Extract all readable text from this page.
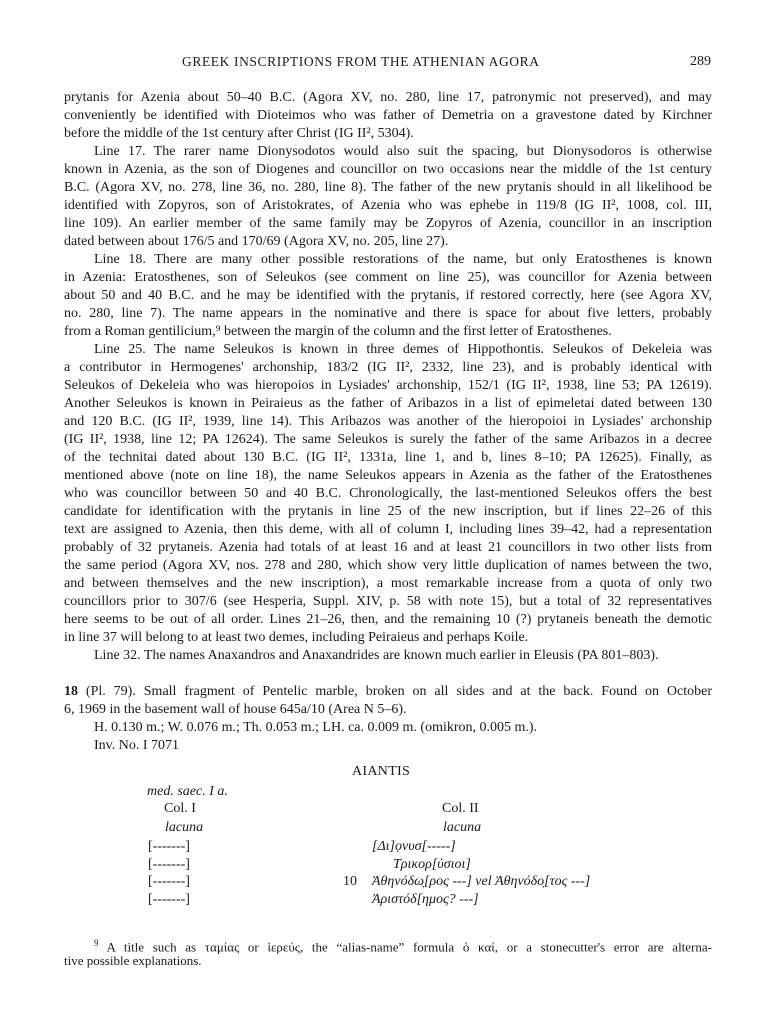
GREEK INSCRIPTIONS FROM THE ATHENIAN AGORA	289
prytanis for Azenia about 50–40 B.C. (Agora XV, no. 280, line 17, patronymic not preserved), and may
conveniently be identified with Dioteimos who was father of Demetria on a gravestone dated by Kirchner
before the middle of the 1st century after Christ (IG II², 5304).
Line 17. The rarer name Dionysodotos would also suit the spacing, but Dionysodoros is otherwise
known in Azenia, as the son of Diogenes and councillor on two occasions near the middle of the 1st century
B.C. (Agora XV, no. 278, line 36, no. 280, line 8). The father of the new prytanis should in all likelihood be
identified with Zopyros, son of Aristokrates, of Azenia who was ephebe in 119/8 (IG II², 1008, col. III,
line 109). An earlier member of the same family may be Zopyros of Azenia, councillor in an inscription
dated between about 176/5 and 170/69 (Agora XV, no. 205, line 27).
Line 18. There are many other possible restorations of the name, but only Eratosthenes is known
in Azenia: Eratosthenes, son of Seleukos (see comment on line 25), was councillor for Azenia between
about 50 and 40 B.C. and he may be identified with the prytanis, if restored correctly, here (see Agora XV,
no. 280, line 7). The name appears in the nominative and there is space for about five letters, probably
from a Roman gentilicium,⁹ between the margin of the column and the first letter of Eratosthenes.
Line 25. The name Seleukos is known in three demes of Hippothontis. Seleukos of Dekeleia was
a contributor in Hermogenes' archonship, 183/2 (IG II², 2332, line 23), and is probably identical with
Seleukos of Dekeleia who was hieropoios in Lysiades' archonship, 152/1 (IG II², 1938, line 53; PA 12619).
Another Seleukos is known in Peiraieus as the father of Aribazos in a list of epimeletai dated between 130
and 120 B.C. (IG II², 1939, line 14). This Aribazos was another of the hieropoioi in Lysiades' archonship
(IG II², 1938, line 12; PA 12624). The same Seleukos is surely the father of the same Aribazos in a decree
of the technitai dated about 130 B.C. (IG II², 1331a, line 1, and b, lines 8–10; PA 12625). Finally, as
mentioned above (note on line 18), the name Seleukos appears in Azenia as the father of the Eratosthenes
who was councillor between 50 and 40 B.C. Chronologically, the last-mentioned Seleukos offers the best
candidate for identification with the prytanis in line 25 of the new inscription, but if lines 22–26 of this
text are assigned to Azenia, then this deme, with all of column I, including lines 39–42, had a representation
probably of 32 prytaneis. Azenia had totals of at least 16 and at least 21 councillors in two other lists from
the same period (Agora XV, nos. 278 and 280, which show very little duplication of names between the two,
and between themselves and the new inscription), a most remarkable increase from a quota of only two
councillors prior to 307/6 (see Hesperia, Suppl. XIV, p. 58 with note 15), but a total of 32 representatives
here seems to be out of all order. Lines 21–26, then, and the remaining 10 (?) prytaneis beneath the demotic
in line 37 will belong to at least two demes, including Peiraieus and perhaps Koile.
Line 32. The names Anaxandros and Anaxandrides are known much earlier in Eleusis (PA 801–803).
18 (Pl. 79). Small fragment of Pentelic marble, broken on all sides and at the back. Found on October
6, 1969 in the basement wall of house 645a/10 (Area N 5–6).
H. 0.130 m.; W. 0.076 m.; Th. 0.053 m.; LH. ca. 0.009 m. (omikron, 0.005 m.).
Inv. No. I 7071
AIANTIS
med. saec. I a.
Col. I
lacuna
[-------]
[-------]
[-------]
[-------]
Col. II
lacuna
[Δι]ọνυσ[-----]
Τρικορ[ύσιοι]
10 Ἀθηνόδω̣[ρος ---] vel Ἀθηνόδο̣[τος ---]
Ἀριστόδ[ημος? ---]
$^9$ A title such as ταμίας or ἱερεύς, the “alias-name” formula ὁ καί, or a stonecutter's error are alterna-
tive possible explanations.
